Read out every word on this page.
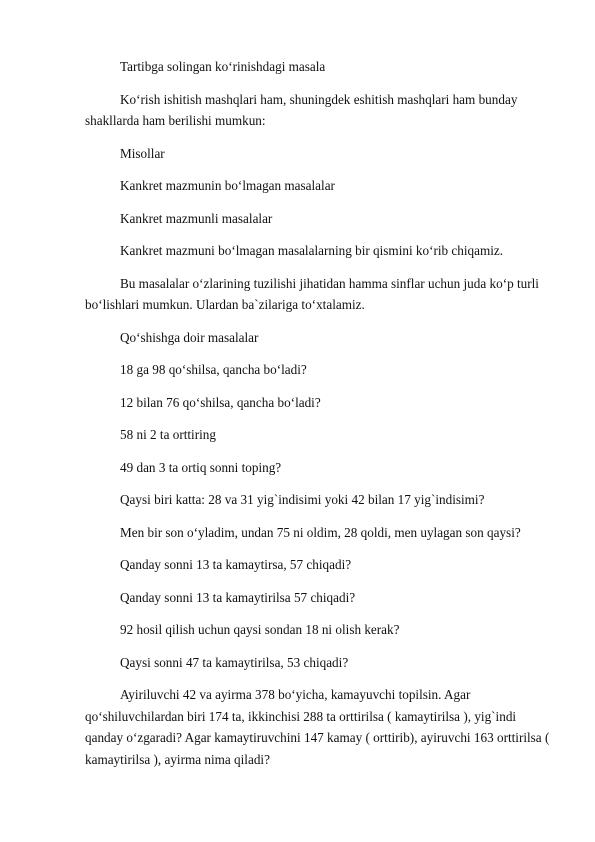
Tartibga solingan ko‘rinishdagi masala

Ko‘rish ishitish mashqlari ham, shuningdek eshitish mashqlari ham bunday shakllarda ham berilishi mumkun:

Misollar

Kankret mazmunin bo‘lmagan masalalar

Kankret mazmunli masalalar

Kankret mazmuni bo‘lmagan masalalarning bir qismini ko‘rib chiqamiz.

Bu masalalar o‘zlarining tuzilishi jihatidan hamma sinflar uchun juda ko‘p turli bo‘lishlari mumkun. Ulardan ba`zilariga to‘xtalamiz.

Qo‘shishga doir masalalar

18 ga 98 qo‘shilsa, qancha bo‘ladi?

12 bilan 76 qo‘shilsa, qancha bo‘ladi?

58 ni 2 ta orttiring

49 dan 3 ta ortiq sonni toping?

Qaysi biri katta: 28 va 31 yig`indisimi yoki 42 bilan 17 yig`indisimi?

Men bir son o‘yladim, undan 75 ni oldim, 28 qoldi, men uylagan son qaysi?

Qanday sonni 13 ta kamaytirsa, 57 chiqadi?

Qanday sonni 13 ta kamaytirilsa 57 chiqadi?

92 hosil qilish uchun qaysi sondan 18 ni olish kerak?

Qaysi sonni 47 ta kamaytirilsa, 53 chiqadi?

Ayiriluvchi 42 va ayirma 378 bo‘yicha, kamayuvchi topilsin. Agar qo‘shiluvchilardan biri 174 ta, ikkinchisi 288 ta orttirilsa ( kamaytirilsa ), yig`indi qanday o‘zgaradi? Agar kamaytiruvchini 147 kamay ( orttirib), ayiruvchi 163 orttirilsa ( kamaytirilsa ), ayirma nima qiladi?
